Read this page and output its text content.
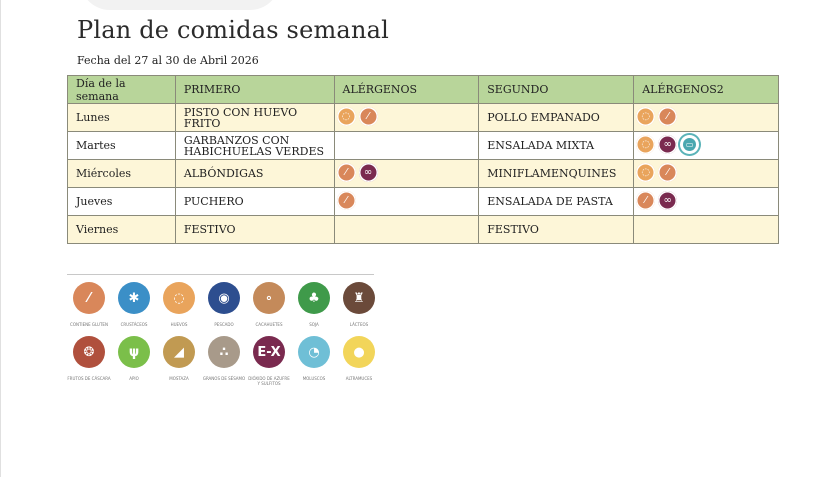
Plan de comidas semanal
Fecha del 27 al 30 de Abril 2026
Día de la semana	PRIMERO	ALÉRGENOS	SEGUNDO	ALÉRGENOS2
Lunes	PISTO CON HUEVO FRITO	◌ ⁄	POLLO EMPANADO	◌ ⁄

Martes	GARBANZOS CON HABICHUELAS VERDES		ENSALADA MIXTA	◌ ∞ ▭

Miércoles	ALBÓNDIGAS	⁄ ∞	MINIFLAMENQUINES	◌ ⁄

Jueves	PUCHERO	⁄	ENSALADA DE PASTA	⁄ ∞

Viernes	FESTIVO		FESTIVO	
⁄
CONTIENE GLUTEN
✱
CRUSTÁCEOS
◌
HUEVOS
◉
PESCADO
∘
CACAHUETES
♣
SOJA
♜
LÁCTEOS
❂
FRUTOS DE CÁSCARA
ψ
APIO
◢
MOSTAZA
∴
GRANOS DE SÉSAMO
E-X
DIÓXIDO DE AZUFRE Y SULFITOS
◔
MOLUSCOS
●
ALTRAMUCES
